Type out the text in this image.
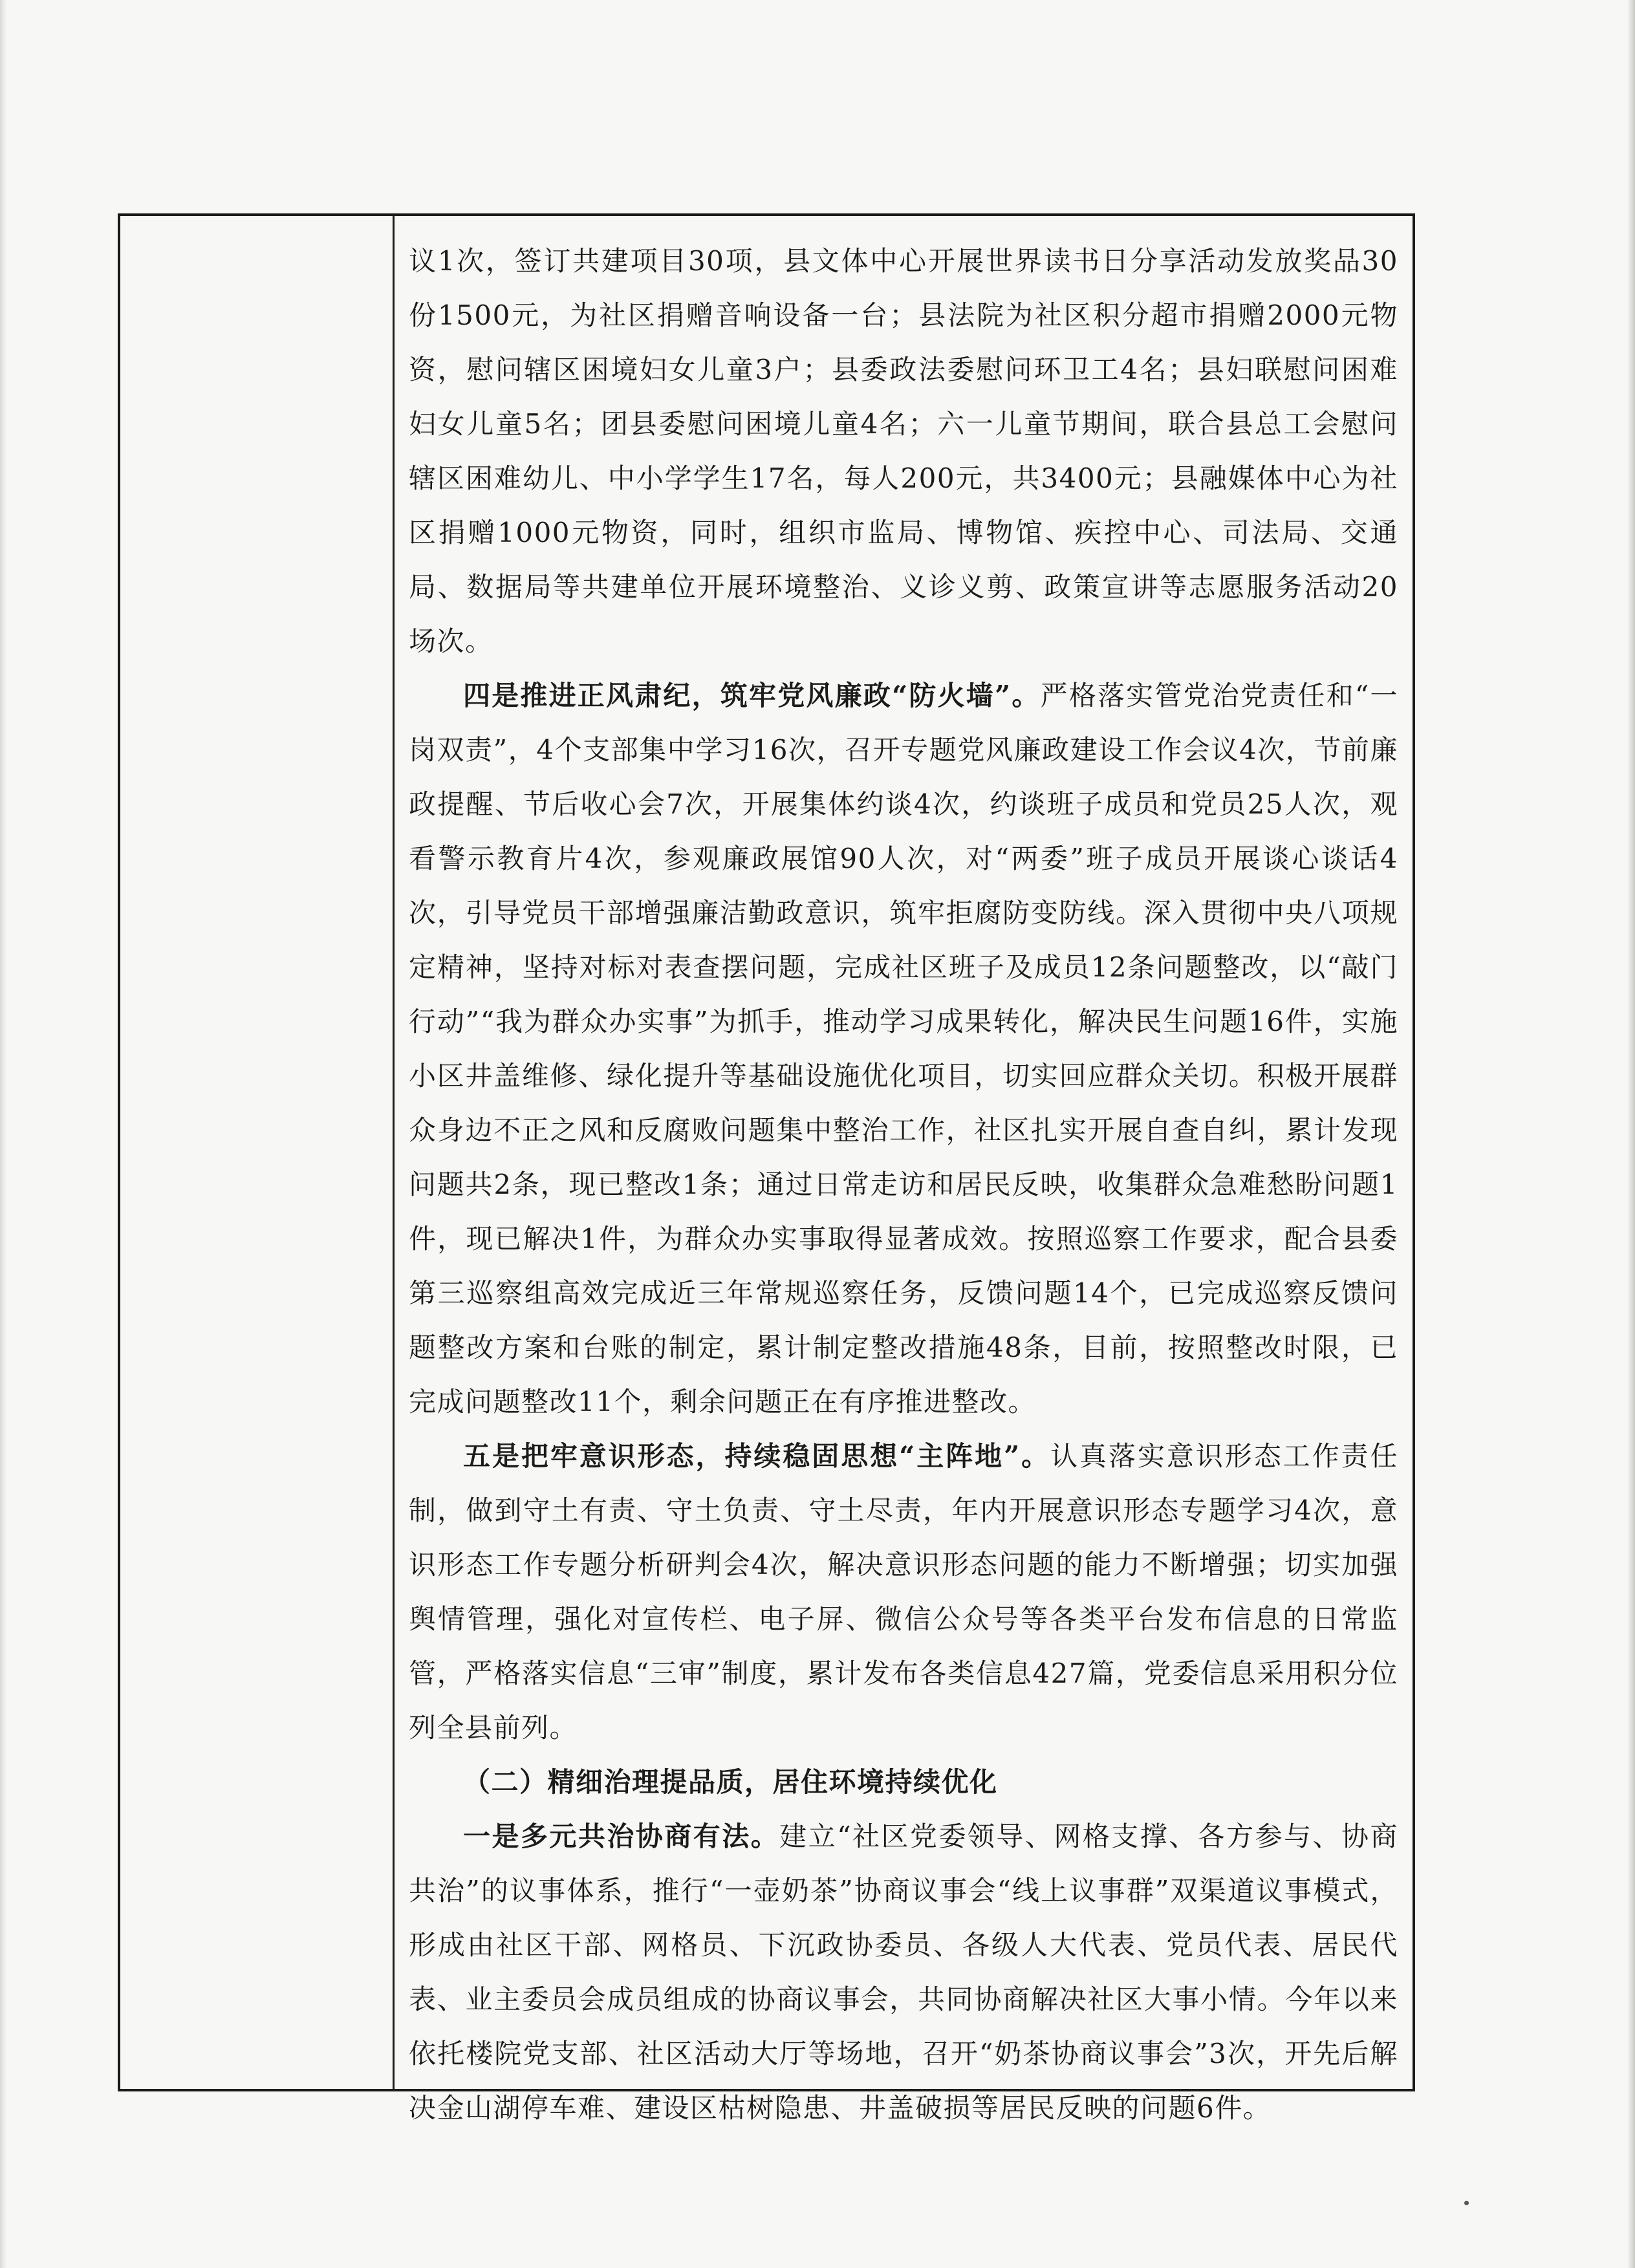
议1次，签订共建项目30项，县文体中心开展世界读书日分享活动发放奖品30份1500元，为社区捐赠音响设备一台；县法院为社区积分超市捐赠2000元物资，慰问辖区困境妇女儿童3户；县委政法委慰问环卫工4名；县妇联慰问困难妇女儿童5名；团县委慰问困境儿童4名；六一儿童节期间，联合县总工会慰问辖区困难幼儿、中小学学生17名，每人200元，共3400元；县融媒体中心为社区捐赠1000元物资，同时，组织市监局、博物馆、疾控中心、司法局、交通局、数据局等共建单位开展环境整治、义诊义剪、政策宣讲等志愿服务活动20场次。

四是推进正风肃纪，筑牢党风廉政“防火墙”。严格落实管党治党责任和“一岗双责”，4个支部集中学习16次，召开专题党风廉政建设工作会议4次，节前廉政提醒、节后收心会7次，开展集体约谈4次，约谈班子成员和党员25人次，观看警示教育片4次，参观廉政展馆90人次，对“两委”班子成员开展谈心谈话4次，引导党员干部增强廉洁勤政意识，筑牢拒腐防变防线。深入贯彻中央八项规定精神，坚持对标对表查摆问题，完成社区班子及成员12条问题整改，以“敲门行动”“我为群众办实事”为抓手，推动学习成果转化，解决民生问题16件，实施小区井盖维修、绿化提升等基础设施优化项目，切实回应群众关切。积极开展群众身边不正之风和反腐败问题集中整治工作，社区扎实开展自查自纠，累计发现问题共2条，现已整改1条；通过日常走访和居民反映，收集群众急难愁盼问题1件，现已解决1件，为群众办实事取得显著成效。按照巡察工作要求，配合县委第三巡察组高效完成近三年常规巡察任务，反馈问题14个，已完成巡察反馈问题整改方案和台账的制定，累计制定整改措施48条，目前，按照整改时限，已完成问题整改11个，剩余问题正在有序推进整改。

五是把牢意识形态，持续稳固思想“主阵地”。认真落实意识形态工作责任制，做到守土有责、守土负责、守土尽责，年内开展意识形态专题学习4次，意识形态工作专题分析研判会4次，解决意识形态问题的能力不断增强；切实加强舆情管理，强化对宣传栏、电子屏、微信公众号等各类平台发布信息的日常监管，严格落实信息“三审”制度，累计发布各类信息427篇，党委信息采用积分位列全县前列。

（二）精细治理提品质，居住环境持续优化

一是多元共治协商有法。建立“社区党委领导、网格支撑、各方参与、协商共治”的议事体系，推行“一壶奶茶”协商议事会“线上议事群”双渠道议事模式，形成由社区干部、网格员、下沉政协委员、各级人大代表、党员代表、居民代表、业主委员会成员组成的协商议事会，共同协商解决社区大事小情。今年以来依托楼院党支部、社区活动大厅等场地，召开“奶茶协商议事会”3次，开先后解决金山湖停车难、建设区枯树隐患、井盖破损等居民反映的问题6件。
